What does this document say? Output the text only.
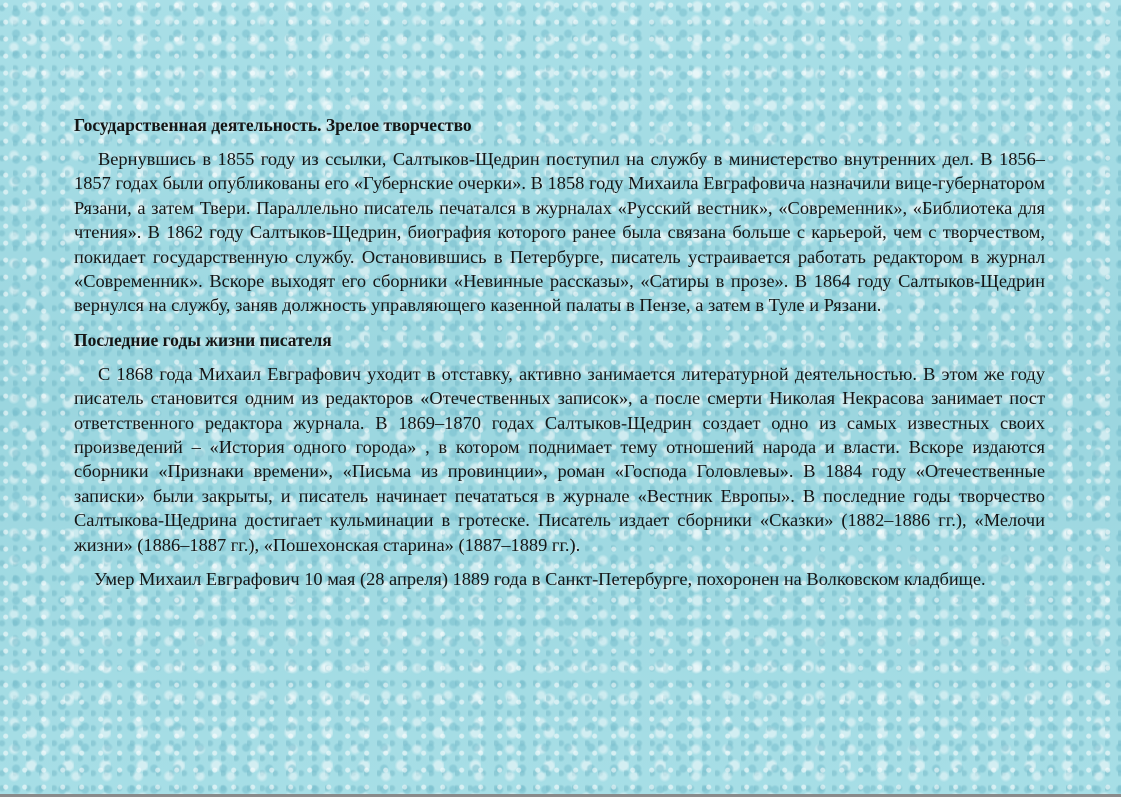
Государственная деятельность. Зрелое творчество

Вернувшись в 1855 году из ссылки, Салтыков-Щедрин поступил на службу в министерство внутренних дел. В 1856–1857 годах были опубликованы его «Губернские очерки». В 1858 году Михаила Евграфовича назначили вице-губернатором Рязани, а затем Твери. Параллельно писатель печатался в журналах «Русский вестник», «Современник», «Библиотека для чтения». В 1862 году Салтыков-Щедрин, биография которого ранее была связана больше с карьерой, чем с творчеством, покидает государственную службу. Остановившись в Петербурге, писатель устраивается работать редактором в журнал «Современник». Вскоре выходят его сборники «Невинные рассказы», «Сатиры в прозе». В 1864 году Салтыков-Щедрин вернулся на службу, заняв должность управляющего казенной палаты в Пензе, а затем в Туле и Рязани.

Последние годы жизни писателя

С 1868 года Михаил Евграфович уходит в отставку, активно занимается литературной деятельностью. В этом же году писатель становится одним из редакторов «Отечественных записок», а после смерти Николая Некрасова занимает пост ответственного редактора журнала. В 1869–1870 годах Салтыков-Щедрин создает одно из самых известных своих произведений – «История одного города» , в котором поднимает тему отношений народа и власти. Вскоре издаются сборники «Признаки времени», «Письма из провинции», роман «Господа Головлевы». В 1884 году «Отечественные записки» были закрыты, и писатель начинает печататься в журнале «Вестник Европы». В последние годы творчество Салтыкова-Щедрина достигает кульминации в гротеске. Писатель издает сборники «Сказки» (1882–1886 гг.), «Мелочи жизни» (1886–1887 гг.), «Пошехонская старина» (1887–1889 гг.).

Умер Михаил Евграфович 10 мая (28 апреля) 1889 года в Санкт-Петербурге, похоронен на Волковском кладбище.
